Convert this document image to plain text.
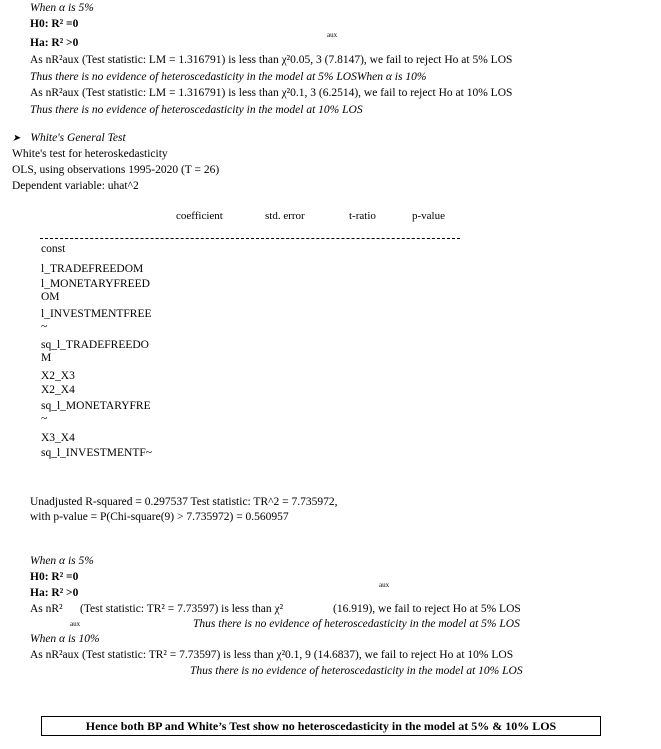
When α is 5%
H0: R² =0
aux
Ha: R² >0
As nR²aux (Test statistic: LM = 1.316791) is less than χ²0.05, 3 (7.8147), we fail to reject Ho at 5% LOS
Thus there is no evidence of heteroscedasticity in the model at 5% LOSWhen α is 10%
As nR²aux (Test statistic: LM = 1.316791) is less than χ²0.1, 3 (6.2514), we fail to reject Ho at 10% LOS
Thus there is no evidence of heteroscedasticity in the model at 10% LOS
➤ White's General Test
White's test for heteroskedasticity
OLS, using observations 1995-2020 (T = 26)
Dependent variable: uhat^2
coefficient	std. error	t-ratio	p-value
const
l_TRADEFREEDOM
l_MONETARYFREED
OM
l_INVESTMENTFREE
~
sq_l_TRADEFREEDO
M
X2_X3
X2_X4
sq_l_MONETARYFRE
~
X3_X4
sq_l_INVESTMENTF~
Unadjusted R-squared = 0.297537 Test statistic: TR^2 = 7.735972,
with p-value = P(Chi-square(9) > 7.735972) = 0.560957
When α is 5%
H0: R² =0
aux
Ha: R² >0
As nR² (Test statistic: TR² = 7.73597) is less than χ²	(16.919), we fail to reject Ho at 5% LOS
aux	Thus there is no evidence of heteroscedasticity in the model at 5% LOS
When α is 10%
As nR²aux (Test statistic: TR² = 7.73597) is less than χ²0.1, 9 (14.6837), we fail to reject Ho at 10% LOS
Thus there is no evidence of heteroscedasticity in the model at 10% LOS
Hence both BP and White’s Test show no heteroscedasticity in the model at 5% & 10% LOS
